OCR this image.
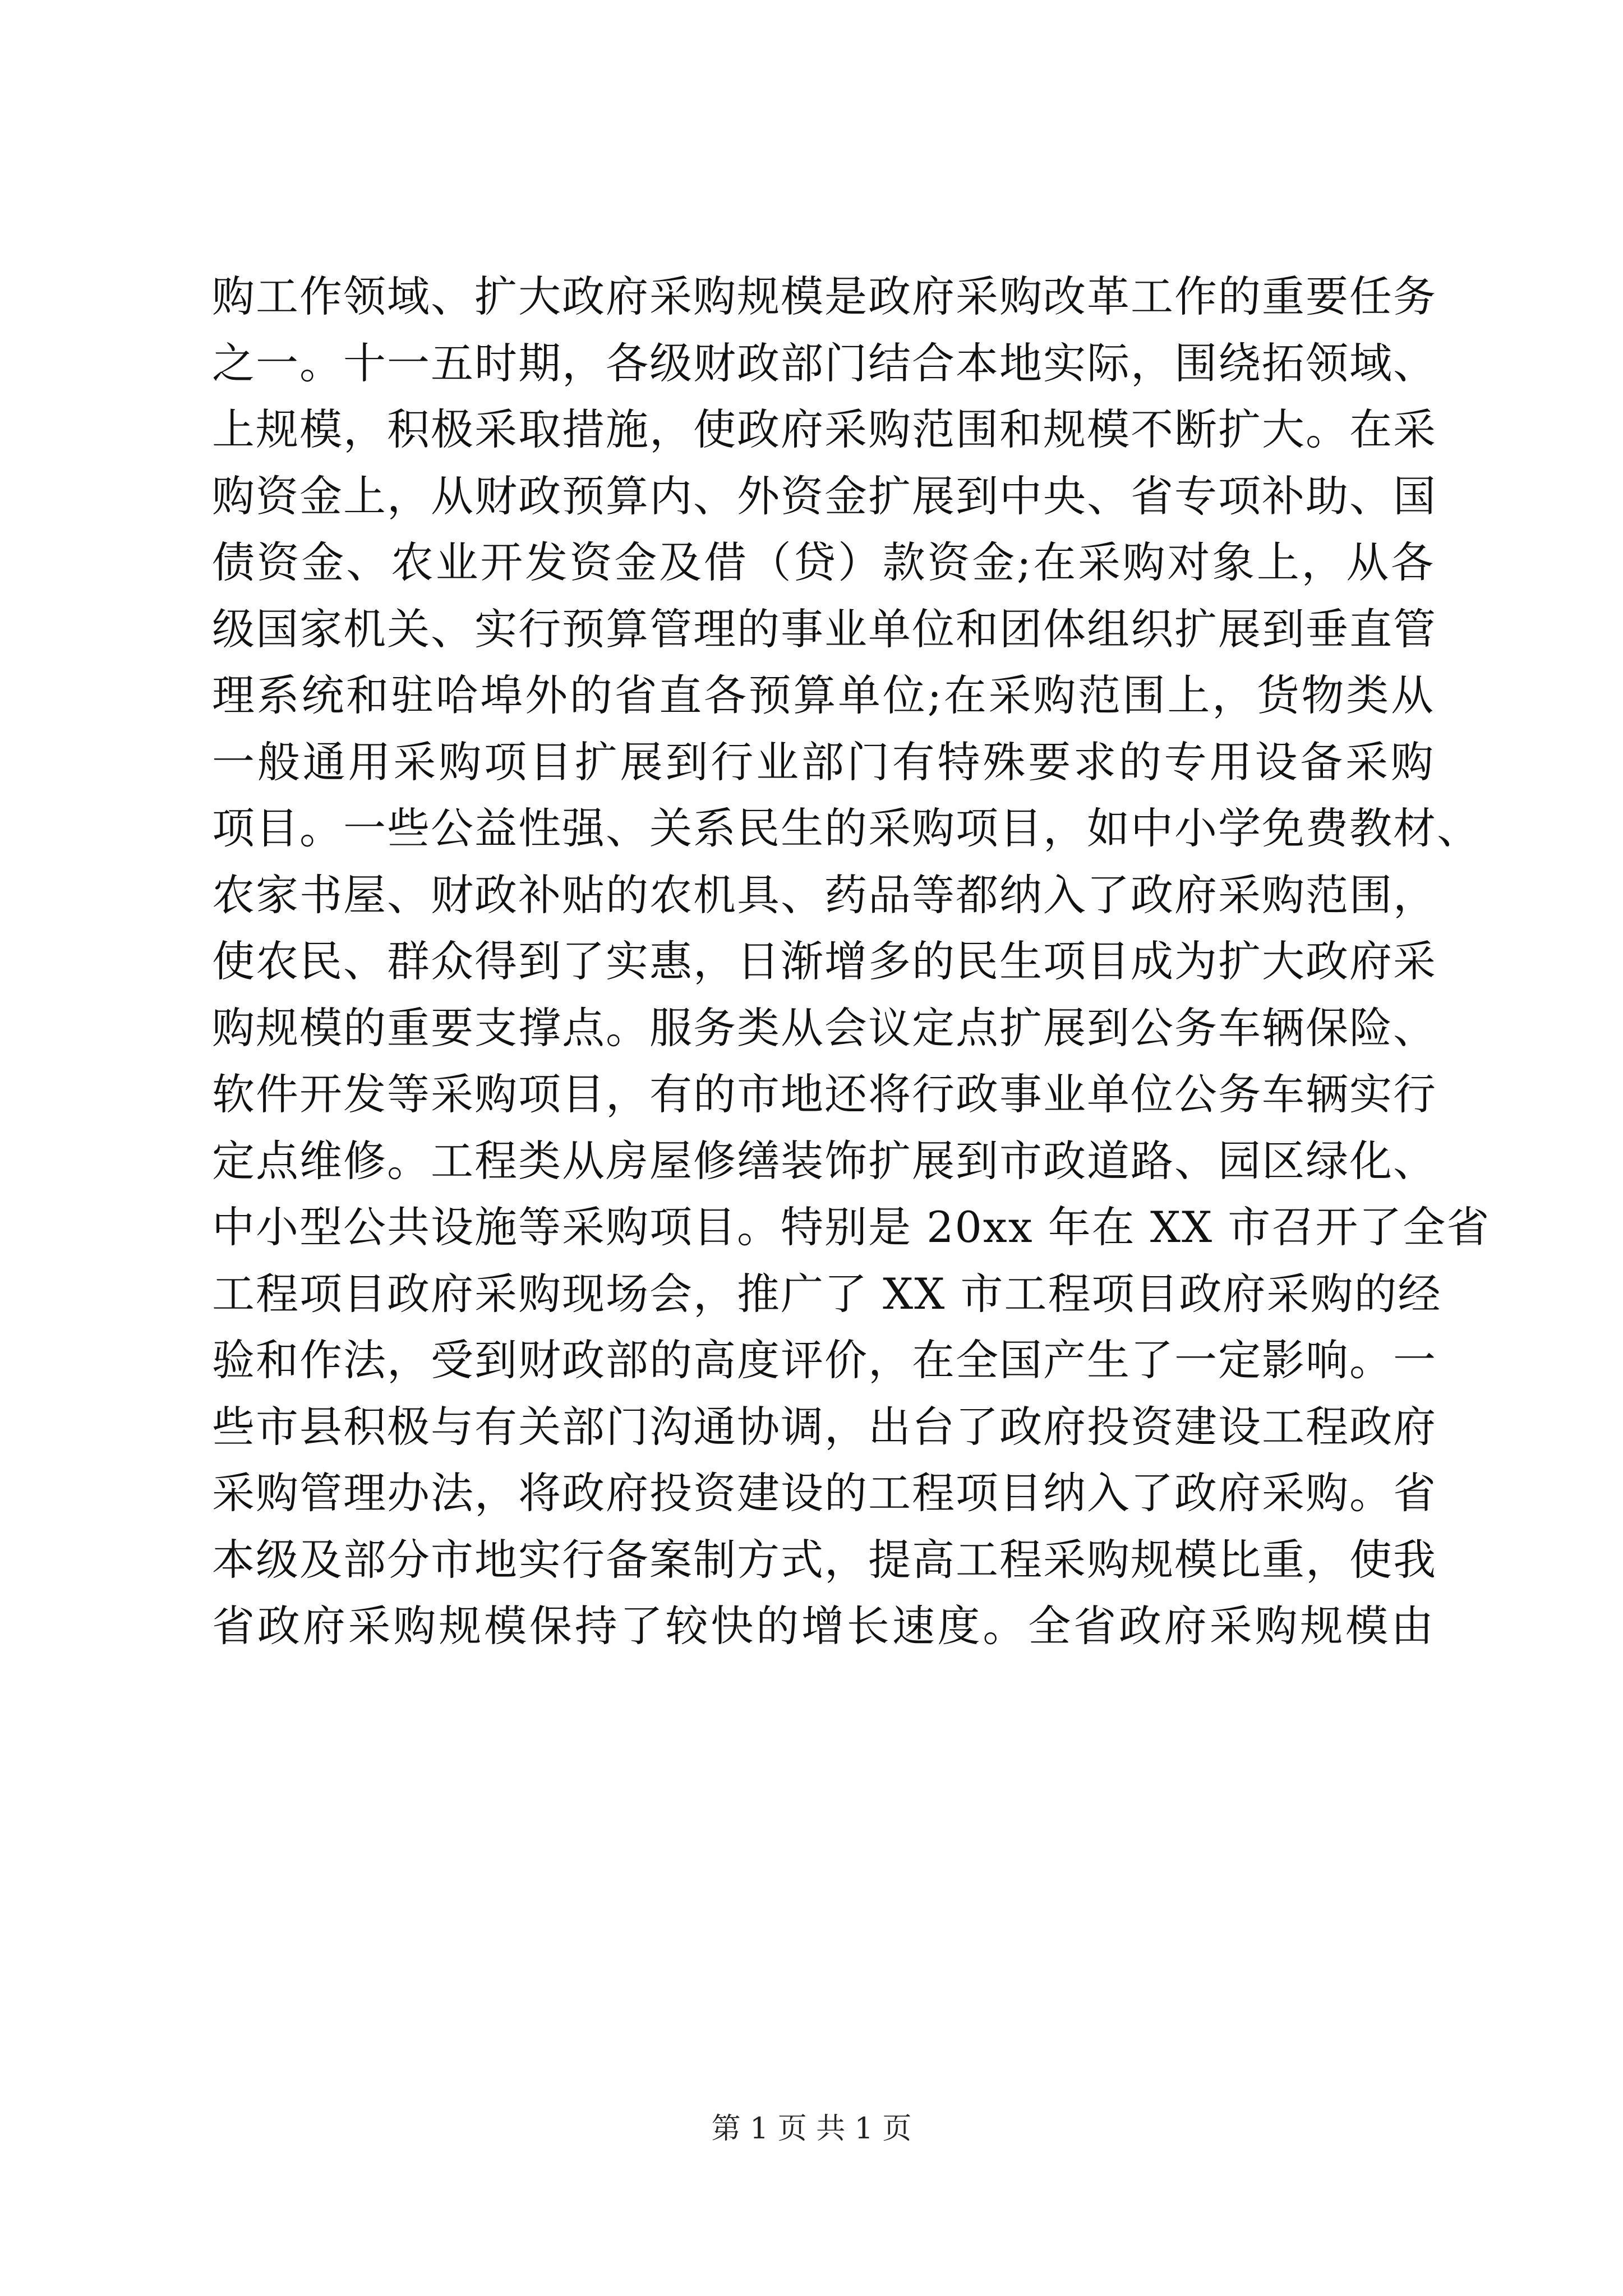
购工作领域、扩大政府采购规模是政府采购改革工作的重要任务
之一。十一五时期，各级财政部门结合本地实际，围绕拓领域、
上规模，积极采取措施，使政府采购范围和规模不断扩大。在采
购资金上，从财政预算内、外资金扩展到中央、省专项补助、国
债资金、农业开发资金及借（贷）款资金;在采购对象上，从各
级国家机关、实行预算管理的事业单位和团体组织扩展到垂直管
理系统和驻哈埠外的省直各预算单位;在采购范围上，货物类从
一般通用采购项目扩展到行业部门有特殊要求的专用设备采购
项目。一些公益性强、关系民生的采购项目，如中小学免费教材、
农家书屋、财政补贴的农机具、药品等都纳入了政府采购范围，
使农民、群众得到了实惠，日渐增多的民生项目成为扩大政府采
购规模的重要支撑点。服务类从会议定点扩展到公务车辆保险、
软件开发等采购项目，有的市地还将行政事业单位公务车辆实行
定点维修。工程类从房屋修缮装饰扩展到市政道路、园区绿化、
中小型公共设施等采购项目。特别是 20xx 年在 XX 市召开了全省
工程项目政府采购现场会，推广了 XX 市工程项目政府采购的经
验和作法，受到财政部的高度评价，在全国产生了一定影响。一
些市县积极与有关部门沟通协调，出台了政府投资建设工程政府
采购管理办法，将政府投资建设的工程项目纳入了政府采购。省
本级及部分市地实行备案制方式，提高工程采购规模比重，使我
省政府采购规模保持了较快的增长速度。全省政府采购规模由
第 1 页 共 1 页
